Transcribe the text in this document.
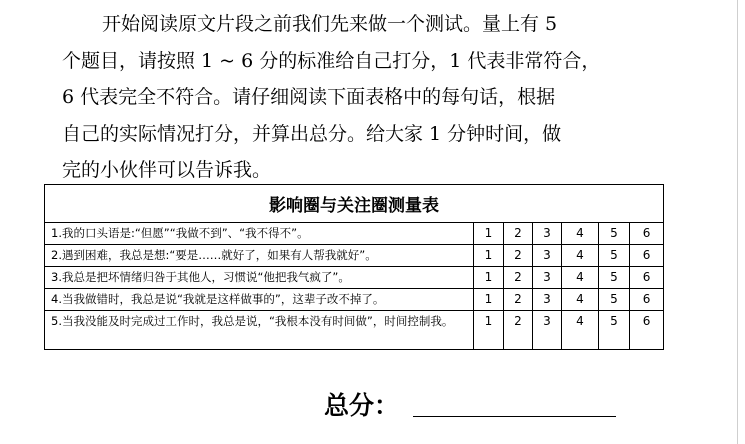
开始阅读原文片段之前我们先来做一个测试。量上有 5
个题目，请按照 1 ~ 6 分的标准给自己打分，1 代表非常符合，
6 代表完全不符合。请仔细阅读下面表格中的每句话，根据
自己的实际情况打分，并算出总分。给大家 1 分钟时间，做
完的小伙伴可以告诉我。

影响圈与关注圈测量表						
1.我的口头语是:“但愿”“我做不到”、“我不得不”。	1	2	3	4	5	6
2.遇到困难，我总是想:“要是……就好了，如果有人帮我就好”。	1	2	3	4	5	6
3.我总是把坏情绪归咎于其他人，习惯说“他把我气疯了”。	1	2	3	4	5	6
4.当我做错时，我总是说“我就是这样做事的”，这辈子改不掉了。	1	2	3	4	5	6
5.当我没能及时完成过工作时，我总是说，“我根本没有时间做”，时间控制我。	1	2	3	4	5	6
总分：
